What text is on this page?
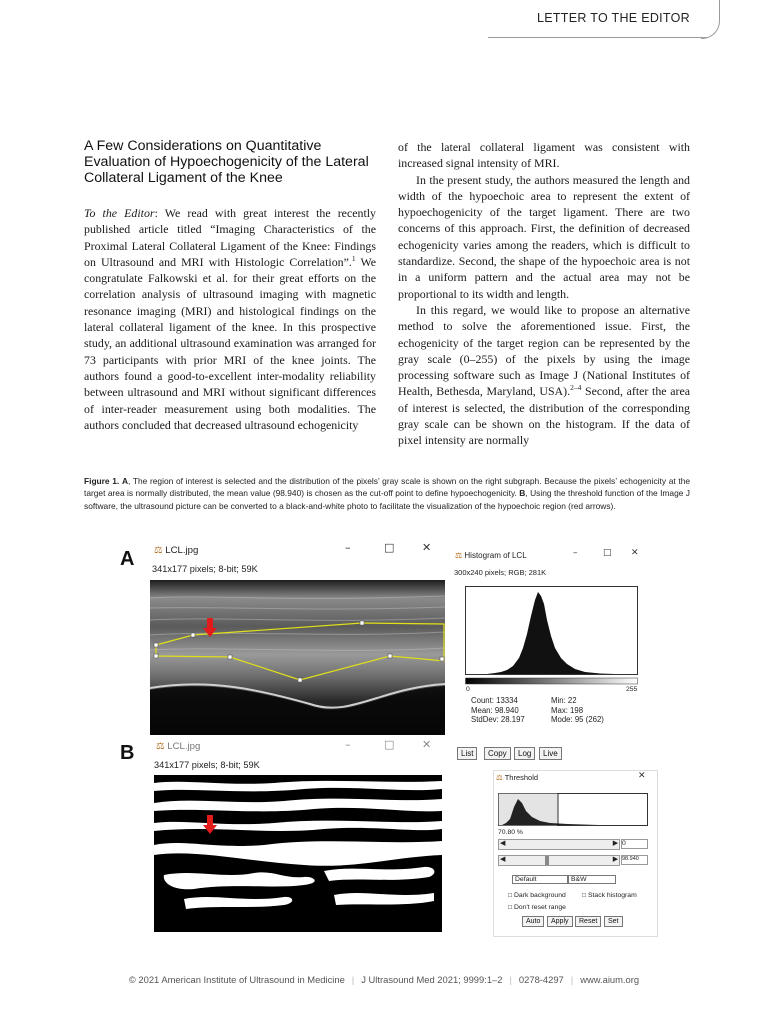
LETTER TO THE EDITOR
A Few Considerations on Quantitative Evaluation of Hypoechogenicity of the Lateral Collateral Ligament of the Knee

To the Editor: We read with great interest the recently published article titled “Imaging Characteristics of the Proximal Lateral Collateral Ligament of the Knee: Findings on Ultrasound and MRI with Histologic Correlation”.$^1$ We congratulate Falkowski et al. for their great efforts on the correlation analysis of ultrasound imaging with magnetic resonance imaging (MRI) and histological findings on the lateral collateral ligament of the knee. In this prospective study, an additional ultrasound examination was arranged for 73 participants with prior MRI of the knee joints. The authors found a good-to-excellent inter-modality reliability between ultrasound and MRI without significant differences of inter-reader measurement using both modalities. The authors concluded that decreased ultrasound echogenicity

of the lateral collateral ligament was consistent with increased signal intensity of MRI.

In the present study, the authors measured the length and width of the hypoechoic area to represent the extent of hypoechogenicity of the target ligament. There are two concerns of this approach. First, the definition of decreased echogenicity varies among the readers, which is difficult to standardize. Second, the shape of the hypoechoic area is not in a uniform pattern and the actual area may not be proportional to its width and length.

In this regard, we would like to propose an alternative method to solve the aforementioned issue. First, the echogenicity of the target region can be represented by the gray scale (0–255) of the pixels by using the image processing software such as Image J (National Institutes of Health, Bethesda, Maryland, USA).$^{2-4}$ Second, after the area of interest is selected, the distribution of the corresponding gray scale can be shown on the histogram. If the data of pixel intensity are normally

Figure 1. A, The region of interest is selected and the distribution of the pixels’ gray scale is shown on the right subgraph. Because the pixels’ echogenicity at the target area is normally distributed, the mean value (98.940) is chosen as the cut-off point to define hypoechogenicity. B, Using the threshold function of the Image J software, the ultrasound picture can be converted to a black-and-white photo to facilitate the visualization of the hypoechoic region (red arrows).
A
B
⚖ LCL.jpg	–	□	✕
341x177 pixels; 8-bit; 59K
⚖ Histogram of LCL	–	□ ✕
300x240 pixels; RGB; 281K
0	255
Count: 13334
Mean: 98.940
StdDev: 28.197
Min: 22
Max: 198
Mode: 95 (262)
List	Copy	Log	Live
⚖ LCL.jpg	–	□	✕
341x177 pixels; 8-bit; 59K
⚖ Threshold	✕
70.80 %
◀	▶ 0
◀	▶ 98.940
Default	B&W
□ Dark background □ Stack histogram
□ Don't reset range
Auto	Apply	Reset	Set
© 2021 American Institute of Ultrasound in Medicine | J Ultrasound Med 2021; 9999:1–2 | 0278-4297 | www.aium.org
